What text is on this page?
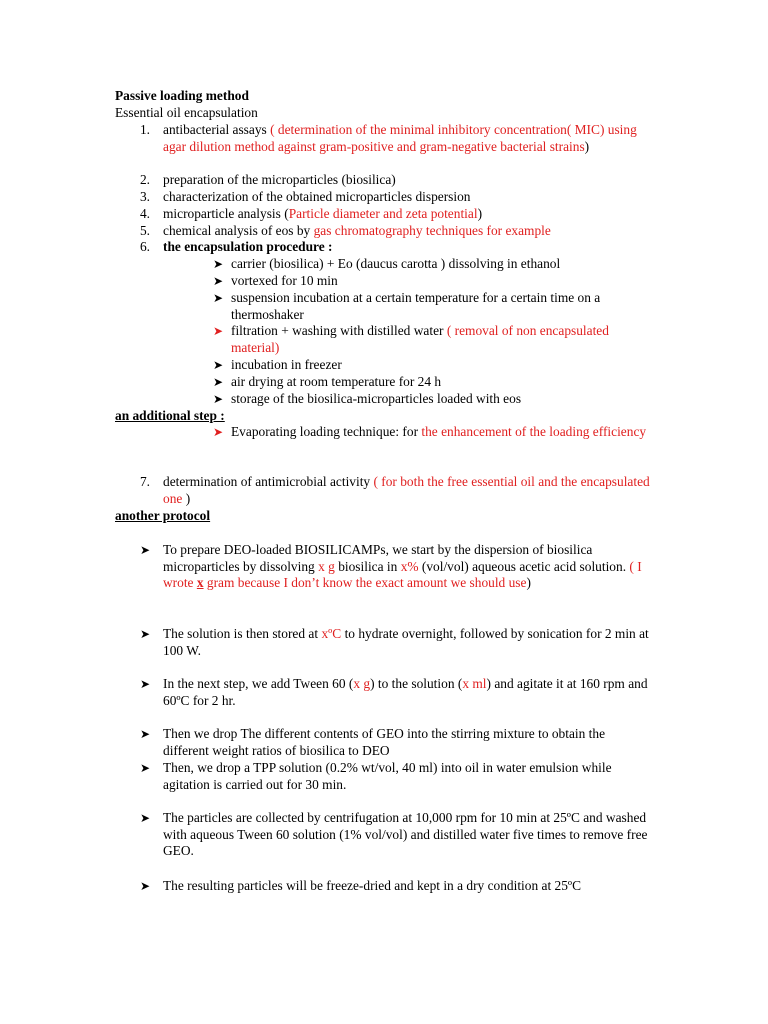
Passive loading method
Essential oil encapsulation
1. antibacterial assays ( determination of the minimal inhibitory concentration( MIC) using agar dilution method against gram-positive and gram-negative bacterial strains)
2. preparation of the microparticles (biosilica)
3. characterization of the obtained microparticles dispersion
4. microparticle analysis (Particle diameter and zeta potential)
5. chemical analysis of eos by gas chromatography techniques for example
6. the encapsulation procedure :
➤ carrier (biosilica) + Eo (daucus carotta ) dissolving in ethanol
➤ vortexed for 10 min
➤ suspension incubation at a certain temperature for a certain time on a thermoshaker
➤ filtration + washing with distilled water ( removal of non encapsulated material)
➤ incubation in freezer
➤ air drying at room temperature for 24 h
➤ storage of the biosilica-microparticles loaded with eos
an additional step :
➤ Evaporating loading technique: for the enhancement of the loading efficiency
7. determination of antimicrobial activity ( for both the free essential oil and the encapsulated one )
another protocol
➤ To prepare DEO-loaded BIOSILICAMPs, we start by the dispersion of biosilica microparticles by dissolving x g biosilica in x% (vol/vol) aqueous acetic acid solution. ( I wrote x gram because I don’t know the exact amount we should use)
➤ The solution is then stored at xºC to hydrate overnight, followed by sonication for 2 min at 100 W.
➤ In the next step, we add Tween 60 (x g) to the solution (x ml) and agitate it at 160 rpm and 60ºC for 2 hr.
➤ Then we drop The different contents of GEO into the stirring mixture to obtain the different weight ratios of biosilica to DEO
➤ Then, we drop a TPP solution (0.2% wt/vol, 40 ml) into oil in water emulsion while agitation is carried out for 30 min.
➤ The particles are collected by centrifugation at 10,000 rpm for 10 min at 25ºC and washed with aqueous Tween 60 solution (1% vol/vol) and distilled water five times to remove free GEO.
➤ The resulting particles will be freeze-dried and kept in a dry condition at 25ºC
